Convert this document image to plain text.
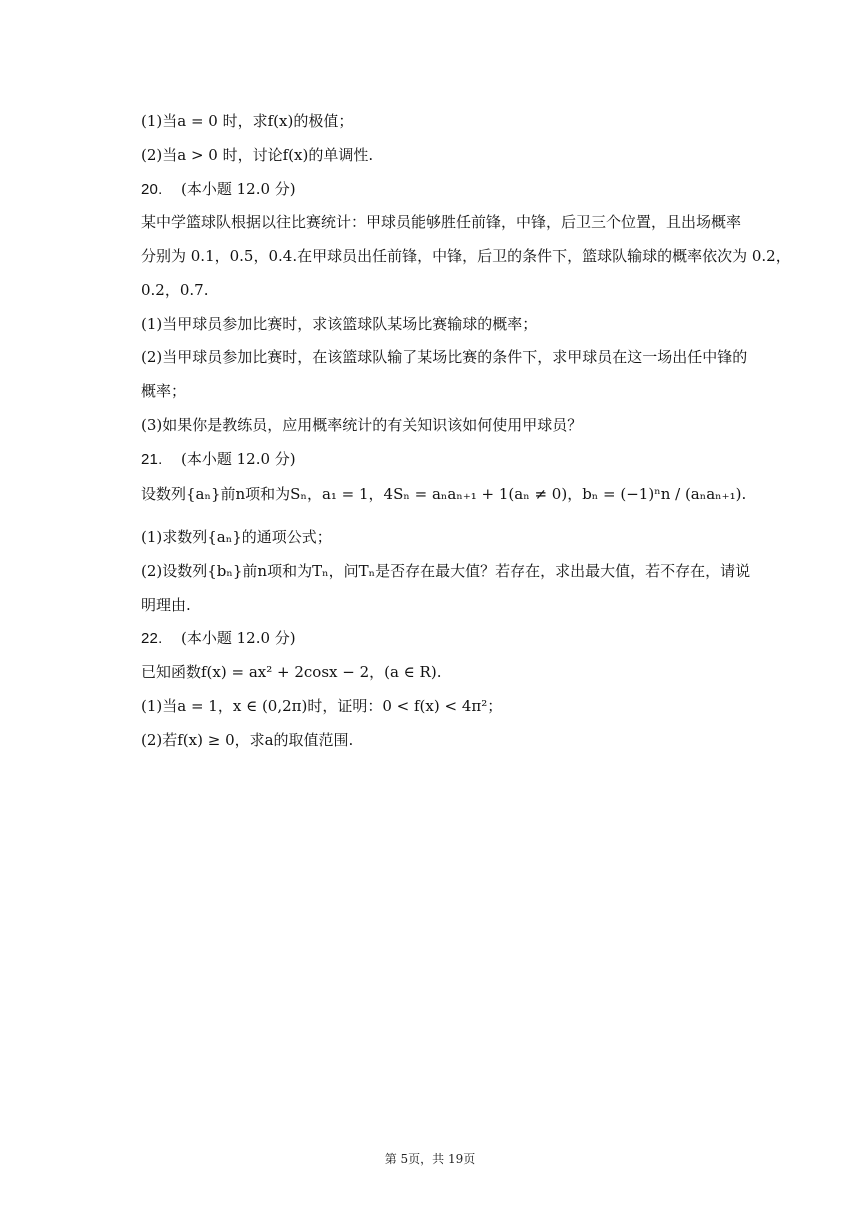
(1)当a = 0 时，求f(x)的极值；
(2)当a > 0 时，讨论f(x)的单调性.
20. (本小题 12.0 分)
某中学篮球队根据以往比赛统计：甲球员能够胜任前锋，中锋，后卫三个位置，且出场概率
分别为 0.1，0.5，0.4.在甲球员出任前锋，中锋，后卫的条件下，篮球队输球的概率依次为 0.2，
0.2，0.7.
(1)当甲球员参加比赛时，求该篮球队某场比赛输球的概率；
(2)当甲球员参加比赛时，在该篮球队输了某场比赛的条件下，求甲球员在这一场出任中锋的
概率；
(3)如果你是教练员，应用概率统计的有关知识该如何使用甲球员？
21. (本小题 12.0 分)
设数列{aₙ}前n项和为Sₙ，a₁ = 1，4Sₙ = aₙaₙ₊₁ + 1(aₙ ≠ 0)，bₙ = (−1)ⁿn / (aₙaₙ₊₁).
(1)求数列{aₙ}的通项公式；
(2)设数列{bₙ}前n项和为Tₙ，问Tₙ是否存在最大值？若存在，求出最大值，若不存在，请说
明理由.
22. (本小题 12.0 分)
已知函数f(x) = ax² + 2cosx − 2，(a ∈ R).
(1)当a = 1，x ∈ (0,2π)时，证明：0 < f(x) < 4π²；
(2)若f(x) ≥ 0，求a的取值范围.
第 5页，共 19页
